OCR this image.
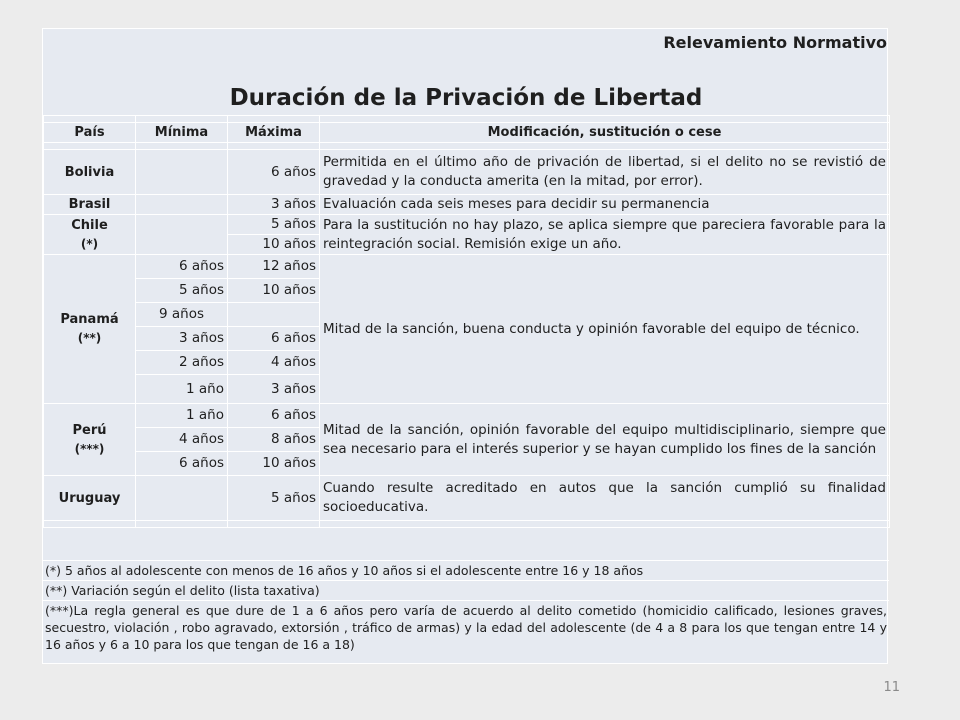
Relevamiento Normativo
Duración de la Privación de Libertad

País	Mínima	Máxima	Modificación, sustitución o cese

Bolivia		6 años	Permitida en el último año de privación de libertad, si el delito no se revistió de gravedad y la conducta amerita (en la mitad, por error).
Brasil		3 años	Evaluación cada seis meses para decidir su permanencia

Chile
(*)		5 años	Para la sustitución no hay plazo, se aplica siempre que pareciera favorable para la reintegración social. Remisión exige un año.
		10 años	

Panamá
(**)	6 años	12 años	Mitad de la sanción, buena conducta y opinión favorable del equipo de técnico.
	5 años	10 años	
	9 años		
	3 años	6 años	
	2 años	4 años	
	1 año	3 años	

Perú
(***)	1 año	6 años	Mitad de la sanción, opinión favorable del equipo multidisciplinario, siempre que sea necesario para el interés superior y se hayan cumplido los fines de la sanción
	4 años	8 años	
	6 años	10 años	
Uruguay		5 años	Cuando resulte acreditado en autos que la sanción cumplió su finalidad socioeducativa.

(*) 5 años al adolescente con menos de 16 años y 10 años si el adolescente entre 16 y 18 años
(**) Variación según el delito (lista taxativa)
(***)La regla general es que dure de 1 a 6 años pero varía de acuerdo al delito cometido (homicidio calificado, lesiones graves, secuestro, violación , robo agravado, extorsión , tráfico de armas) y la edad del adolescente (de 4 a 8 para los que tengan entre 14 y 16 años y 6 a 10 para los que tengan de 16 a 18)
11
